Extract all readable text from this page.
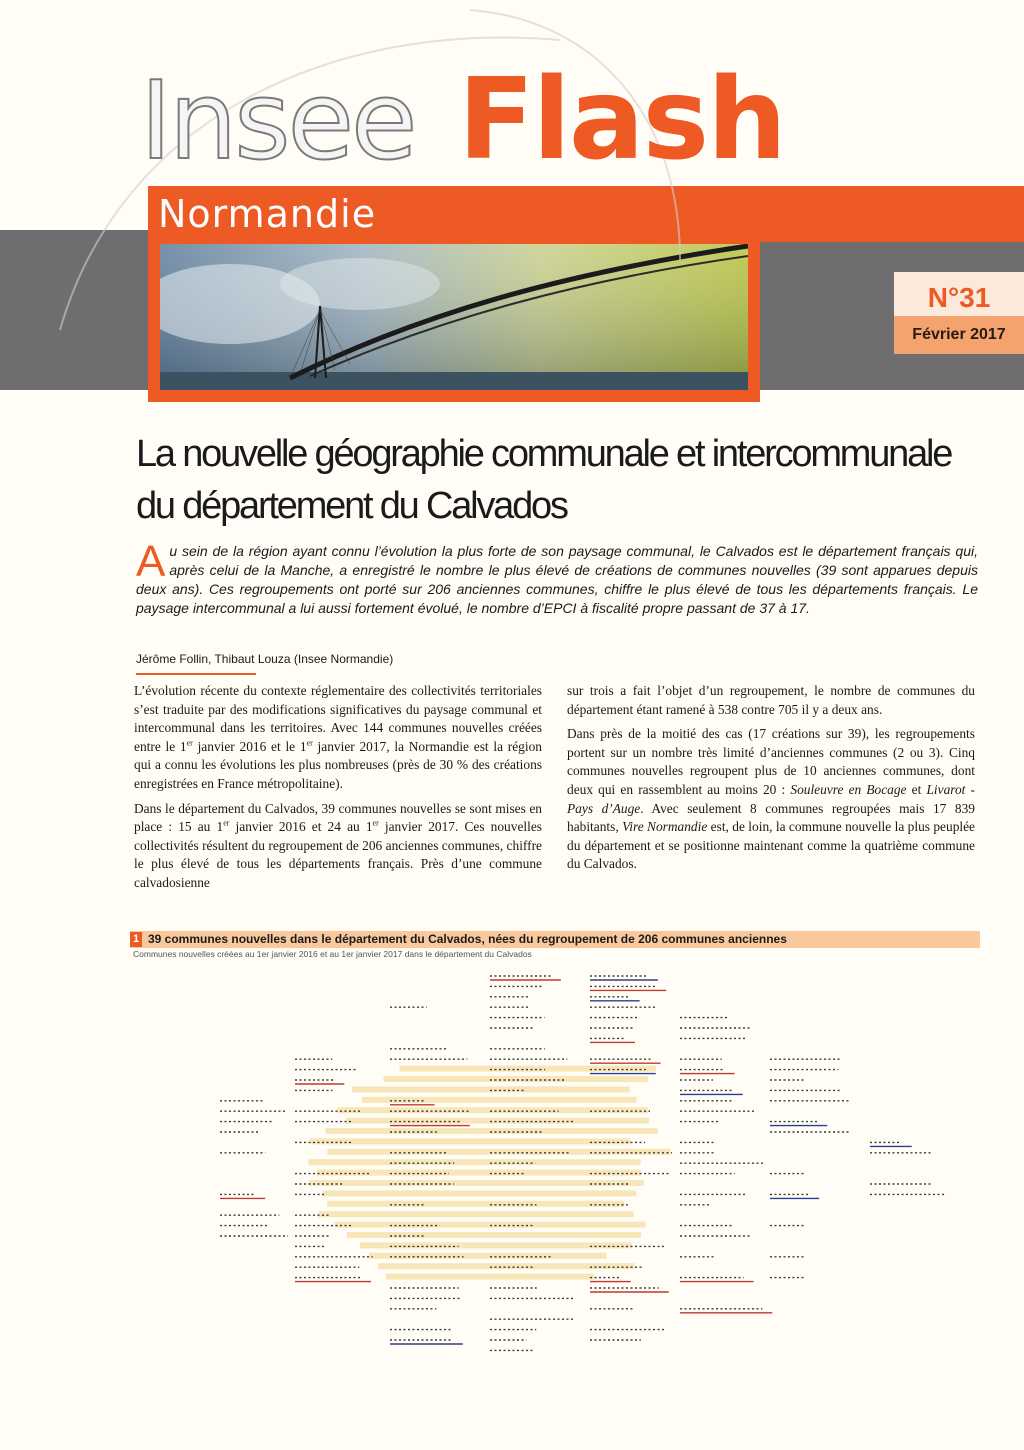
Insee Flash
Normandie
N°31
Février 2017
La nouvelle géographie communale et intercommunale du département du Calvados

Au sein de la région ayant connu l’évolution la plus forte de son paysage communal, le Calvados est le département français qui, après celui de la Manche, a enregistré le nombre le plus élevé de créations de communes nouvelles (39 sont apparues depuis deux ans). Ces regroupements ont porté sur 206 anciennes communes, chiffre le plus élevé de tous les départements français. Le paysage intercommunal a lui aussi fortement évolué, le nombre d’EPCI à fiscalité propre passant de 37 à 17.

Jérôme Follin, Thibaut Louza (Insee Normandie)

L’évolution récente du contexte réglementaire des collectivités territoriales s’est traduite par des modifications significatives du paysage communal et intercommunal dans les territoires. Avec 144 communes nouvelles créées entre le 1er janvier 2016 et le 1er janvier 2017, la Normandie est la région qui a connu les évolutions les plus nombreuses (près de 30 % des créations enregistrées en France métropolitaine).

Dans le département du Calvados, 39 communes nouvelles se sont mises en place : 15 au 1er janvier 2016 et 24 au 1er janvier 2017. Ces nouvelles collectivités résultent du regroupement de 206 anciennes communes, chiffre le plus élevé de tous les départements français. Près d’une commune calvadosienne

sur trois a fait l’objet d’un regroupement, le nombre de communes du département étant ramené à 538 contre 705 il y a deux ans.

Dans près de la moitié des cas (17 créations sur 39), les regroupements portent sur un nombre très limité d’anciennes communes (2 ou 3). Cinq communes nouvelles regroupent plus de 10 anciennes communes, dont deux qui en rassemblent au moins 20 : Souleuvre en Bocage et Livarot - Pays d’Auge. Avec seulement 8 communes regroupées mais 17 839 habitants, Vire Normandie est, de loin, la commune nouvelle la plus peuplée du département et se positionne maintenant comme la quatrième commune du Calvados.

1 39 communes nouvelles dans le département du Calvados, nées du regroupement de 206 communes anciennes
Communes nouvelles créées au 1er janvier 2016 et au 1er janvier 2017 dans le département du Calvados
